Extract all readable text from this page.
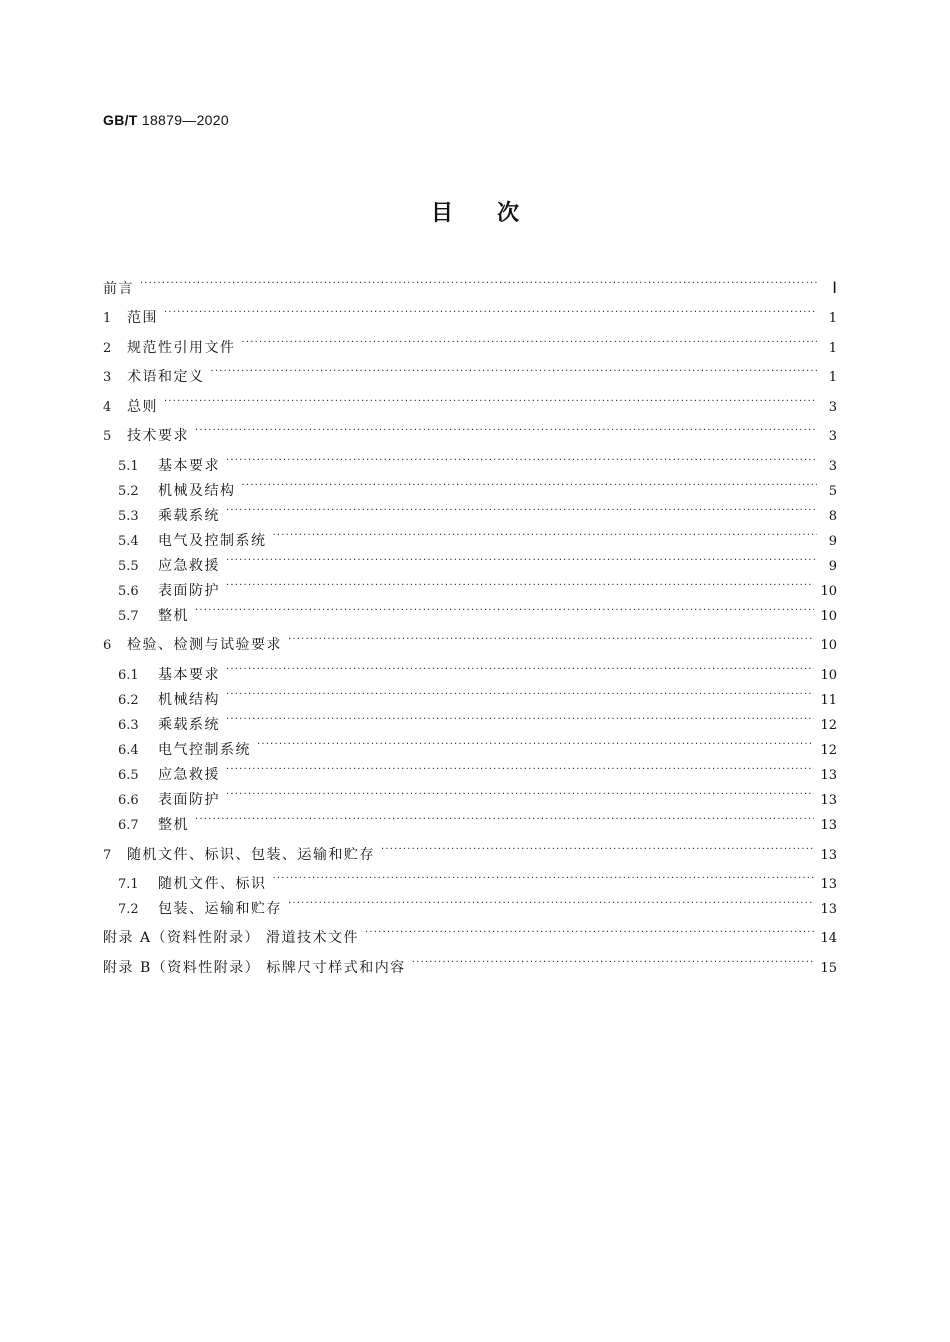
GB/T 18879—2020
目次
前言 ·····	Ⅰ
1	范围 ·····	1
2	规范性引用文件 ·····	1
3	术语和定义 ·····	1
4	总则 ·····	3
5	技术要求 ·····	3
5.1	基本要求 ·····	3
5.2	机械及结构 ·····	5
5.3	乘载系统 ·····	8
5.4	电气及控制系统 ·····	9
5.5	应急救援 ·····	9
5.6	表面防护 ·····	10
5.7	整机 ·····	10
6	检验、检测与试验要求 ·····	10
6.1	基本要求 ·····	10
6.2	机械结构 ·····	11
6.3	乘载系统 ·····	12
6.4	电气控制系统 ·····	12
6.5	应急救援 ·····	13
6.6	表面防护 ·····	13
6.7	整机 ·····	13
7	随机文件、标识、包装、运输和贮存 ·····	13
7.1	随机文件、标识 ·····	13
7.2	包装、运输和贮存 ·····	13
附录 A（资料性附录） 滑道技术文件 ·····	14
附录 B（资料性附录） 标牌尺寸样式和内容 ·····	15
